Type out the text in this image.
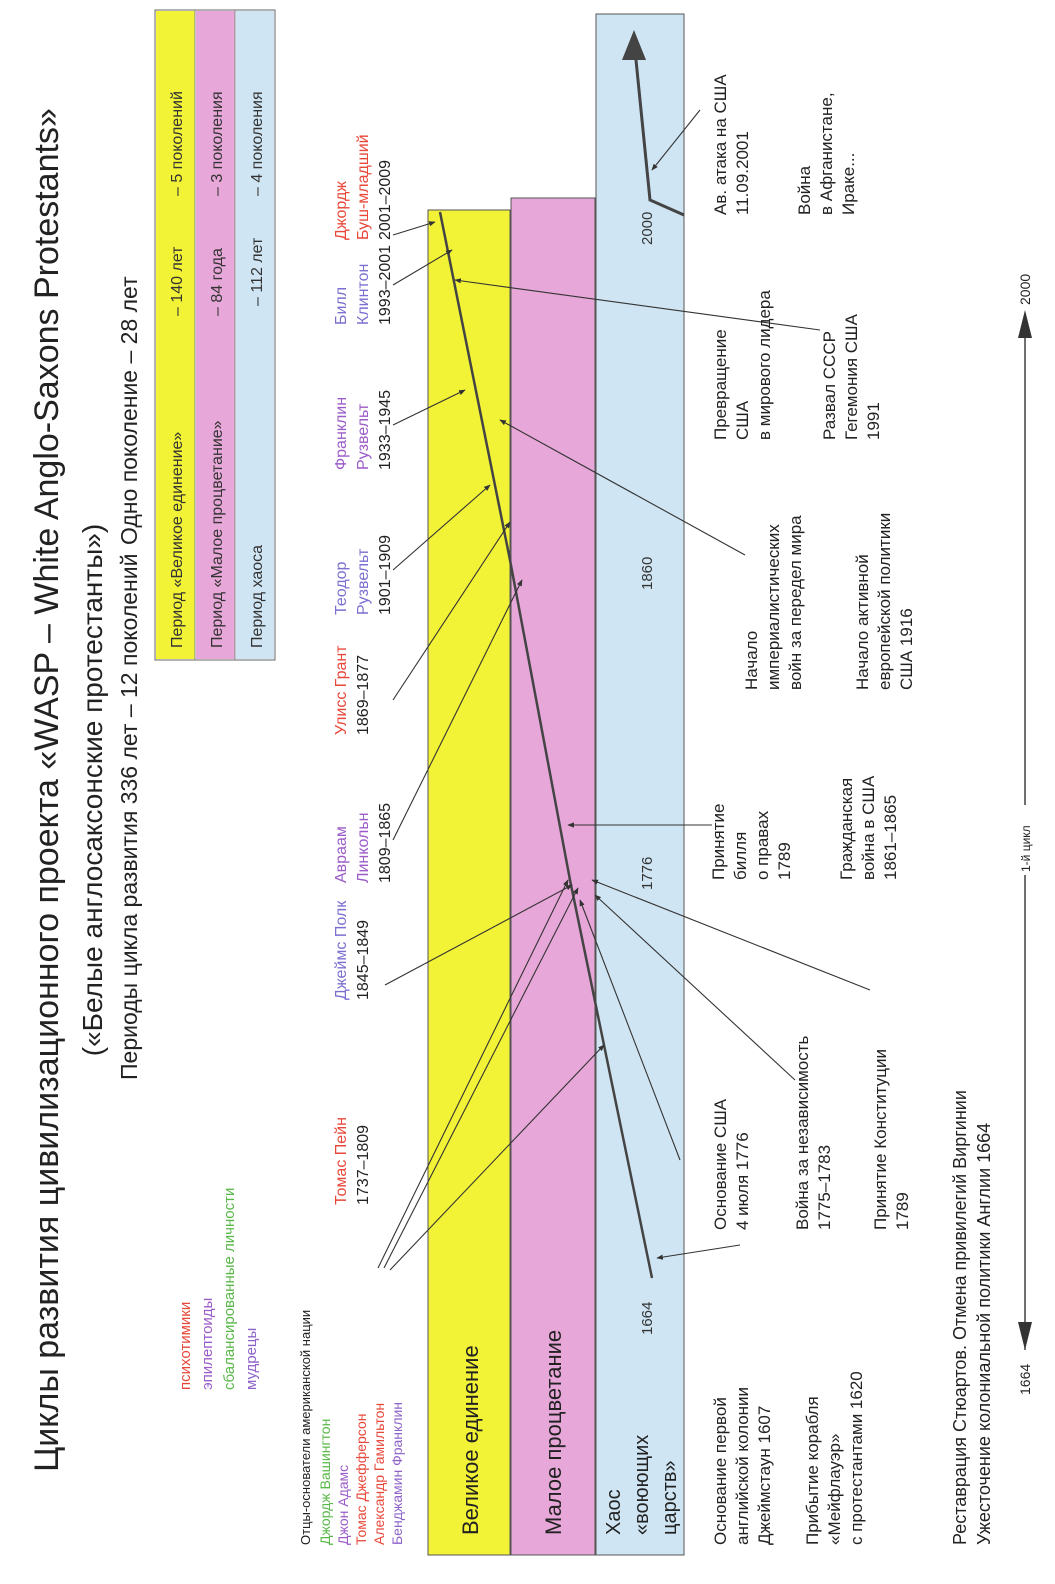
Циклы развития цивилизационного проекта «WASP – White Anglo-Saxons Protestants» («Белые англосаксонские протестанты») Периоды цикла развития 336 лет – 12 поколений
Одно поколение – 28 лет Период «Великое единение»
– 140 лет
– 5 поколений
Период «Малое процветание»
– 84 года
– 3 поколения
Период хаоса
– 112 лет
– 4 поколения
Великое единение	Малое процветание Хаос «воюющих царств»
1664
1776
1860
2000
психотимики эпилептоиды сбалансированные личности мудрецы	Отцы-основатели американской нации Джордж Вашингтон Джон Адамс Томас Джефферсон Александр Гамильтон Бенджамин Франклин
Томас Пейн 1737–1809
Джеймс Полк 1845–1849
Авраам Линкольн 1809–1865
Улисс Грант 1869–1877
Теодор Рузвельт 1901–1909
Франклин Рузвельт 1933–1945
Билл Клинтон 1993–2001
Джордж Буш-младший 2001–2009
Реставрация Стюартов. Отмена привилегий Виргинии Ужесточение колониальной политики Англии 1664
Основание первой английской колонии Джеймстаун 1607 Прибытие корабля «Мейфлауэр» с протестантами 1620
Основание США 4 июля 1776 Война за независимость 1775–1783 Принятие Конституции 1789
Принятие билля о правах 1789	Гражданская война в США 1861–1865
Начало империалистических войн за передел мира	Начало активной европейской политики США 1916
Превращение США в мирового лидера	Развал СССР Гегемония США 1991
Ав. атака на США 11.09.2001	Война в Афганистане, Ираке...
1664
2000
1-й цикл
